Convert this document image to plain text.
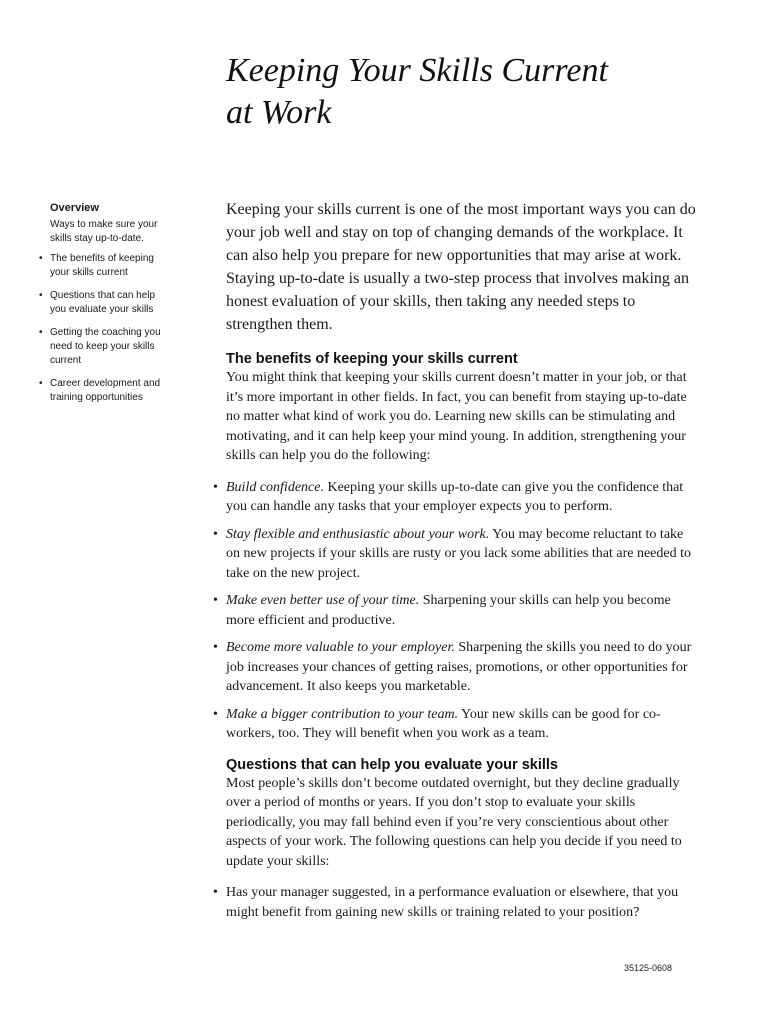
Keeping Your Skills Current
at Work
Overview
Ways to make sure your skills stay up-to-date.
• The benefits of keeping your skills current
• Questions that can help you evaluate your skills
• Getting the coaching you need to keep your skills current
• Career development and training opportunities

Keeping your skills current is one of the most important ways you can do your job well and stay on top of changing demands of the workplace. It can also help you prepare for new opportunities that may arise at work. Staying up-to-date is usually a two-step process that involves making an honest evaluation of your skills, then taking any needed steps to strengthen them.

The benefits of keeping your skills current

You might think that keeping your skills current doesn’t matter in your job, or that it’s more important in other fields. In fact, you can benefit from staying up-to-date no matter what kind of work you do. Learning new skills can be stimulating and motivating, and it can help keep your mind young. In addition, strengthening your skills can help you do the following:

• Build confidence. Keeping your skills up-to-date can give you the confidence that you can handle any tasks that your employer expects you to perform.
• Stay flexible and enthusiastic about your work. You may become reluctant to take on new projects if your skills are rusty or you lack some abilities that are needed to take on the new project.
• Make even better use of your time. Sharpening your skills can help you become more efficient and productive.
• Become more valuable to your employer. Sharpening the skills you need to do your job increases your chances of getting raises, promotions, or other opportunities for advancement. It also keeps you marketable.
• Make a bigger contribution to your team. Your new skills can be good for co-workers, too. They will benefit when you work as a team.
Questions that can help you evaluate your skills

Most people’s skills don’t become outdated overnight, but they decline gradually over a period of months or years. If you don’t stop to evaluate your skills periodically, you may fall behind even if you’re very conscientious about other aspects of your work. The following questions can help you decide if you need to update your skills:

• Has your manager suggested, in a performance evaluation or elsewhere, that you might benefit from gaining new skills or training related to your position?
35125-0608
